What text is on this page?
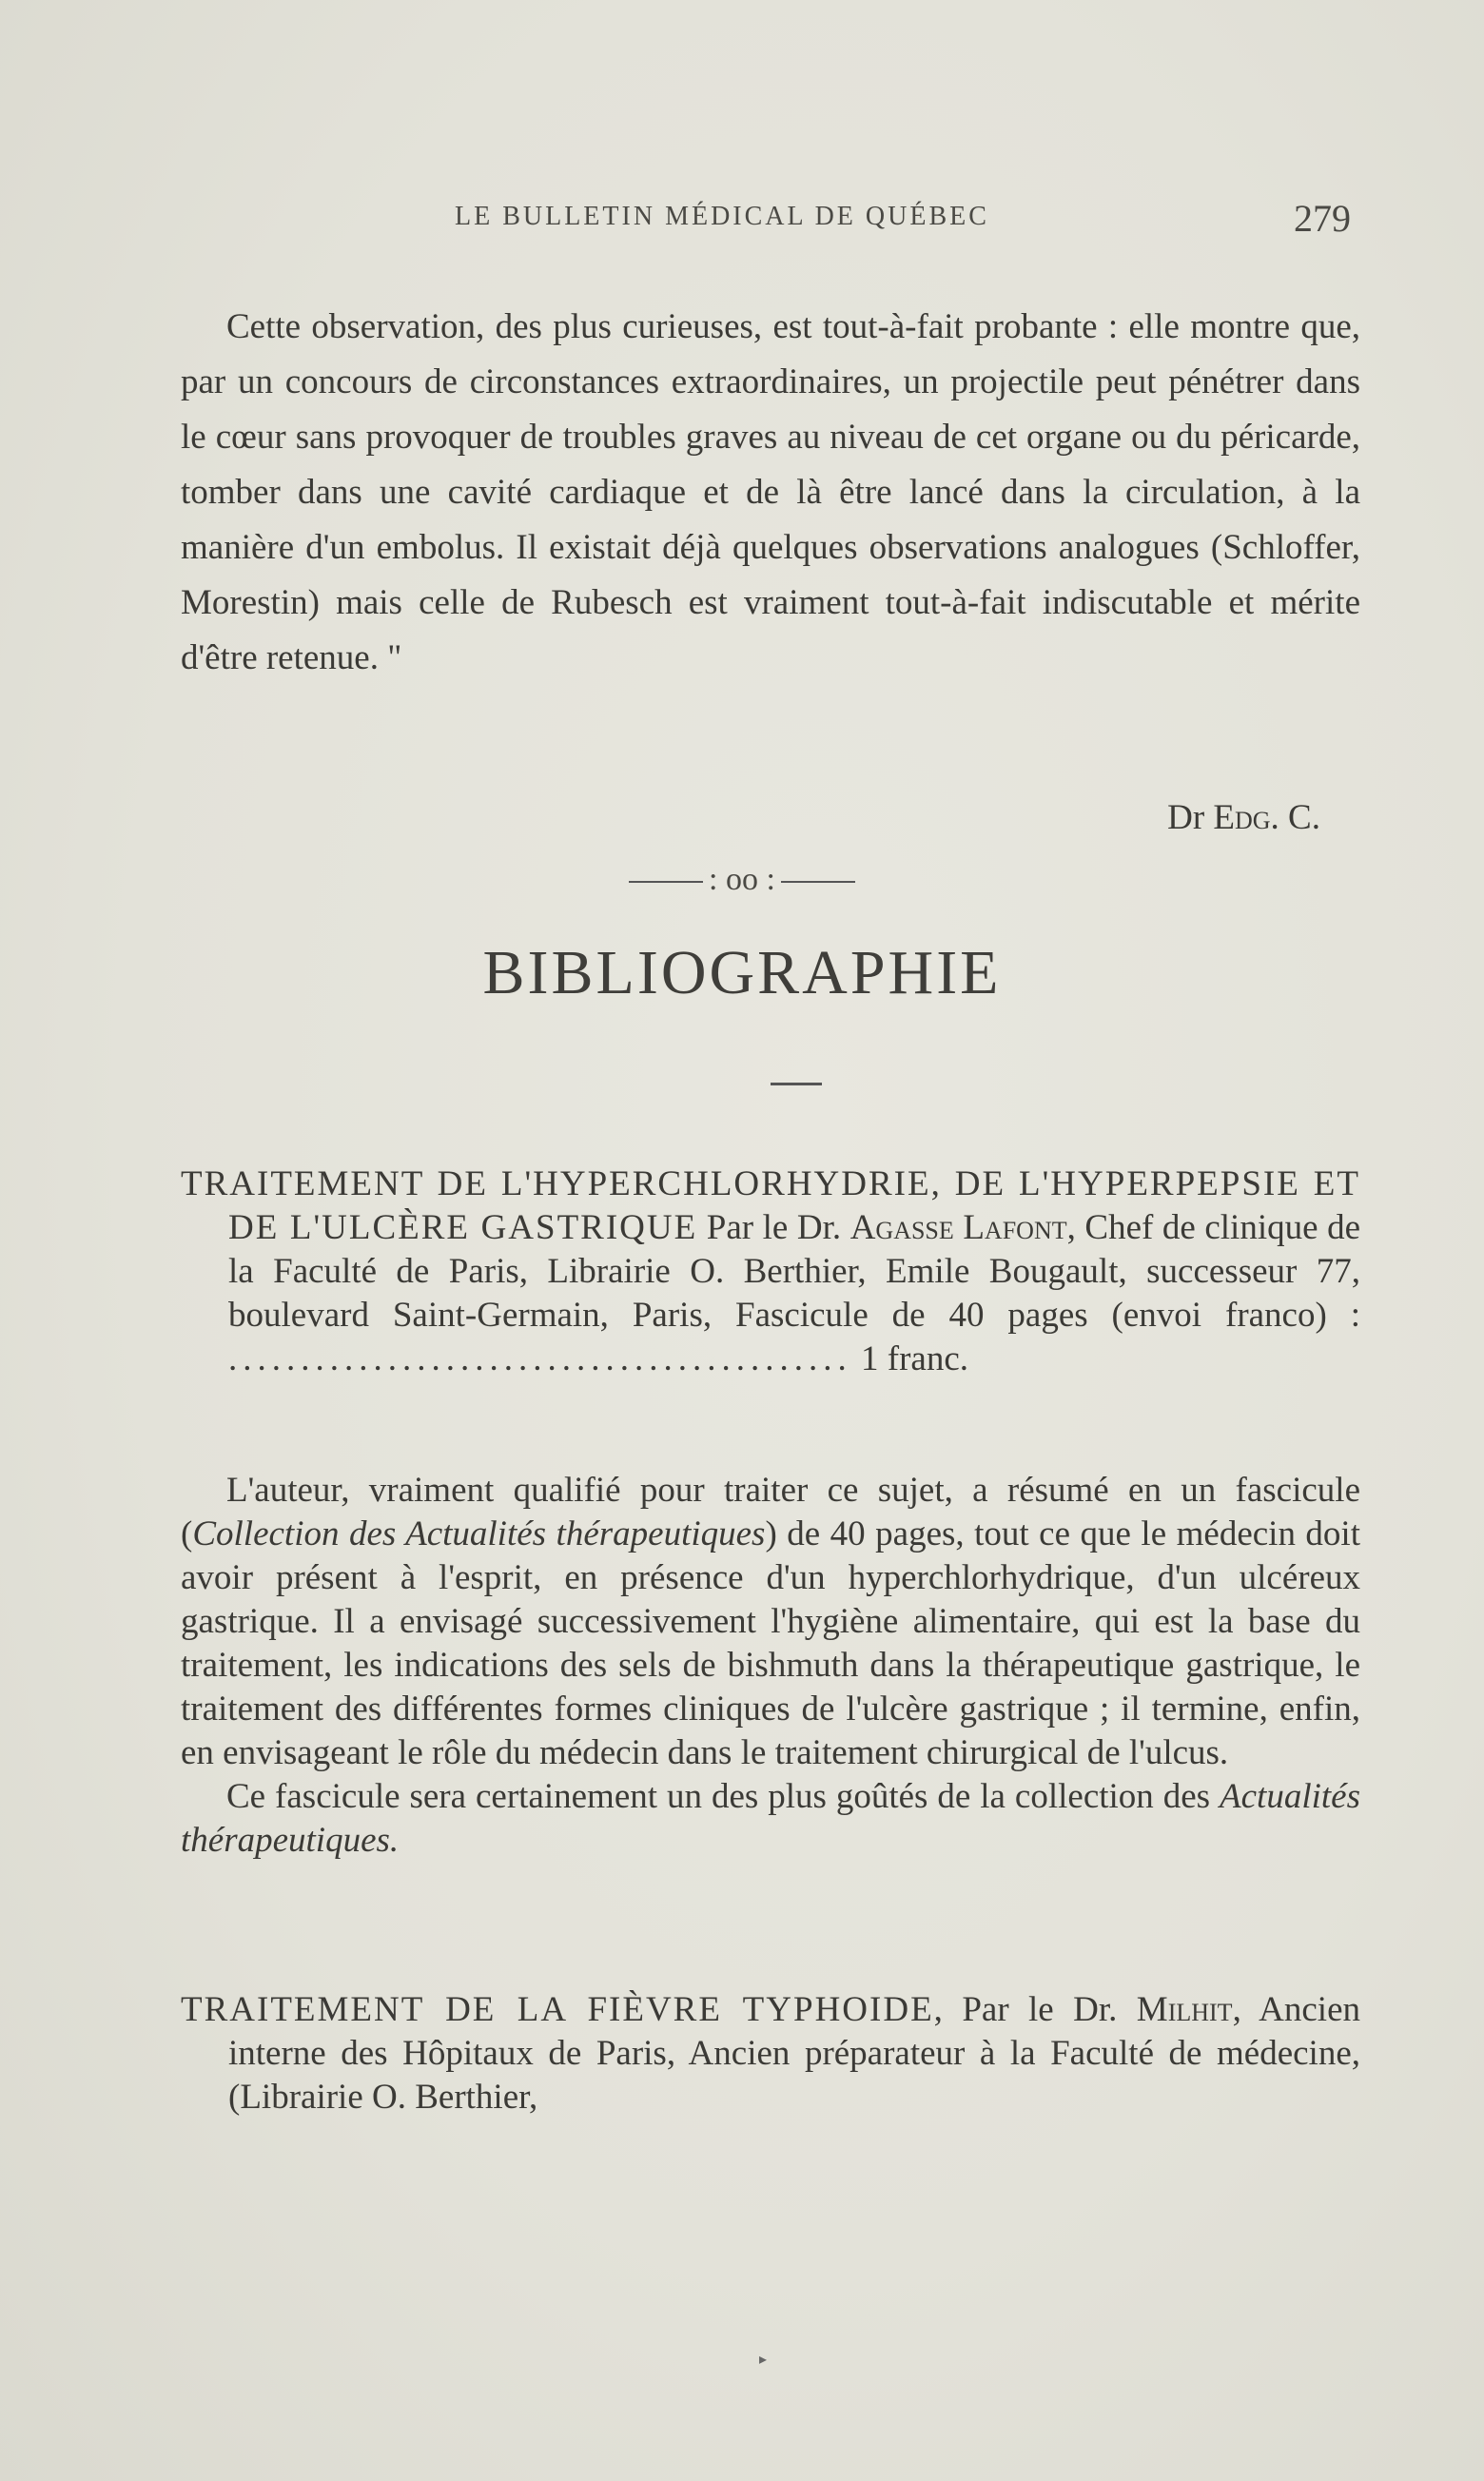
LE BULLETIN MÉDICAL DE QUÉBEC	279

Cette observation, des plus curieuses, est tout-à-fait probante : elle montre que, par un concours de circonstances extraordinaires, un projectile peut pénétrer dans le cœur sans provoquer de troubles graves au niveau de cet organe ou du péricarde, tomber dans une cavité cardiaque et de là être lancé dans la circulation, à la manière d'un embolus. Il existait déjà quelques observations analogues (Schloffer, Morestin) mais celle de Rubesch est vraiment tout-à-fait indiscutable et mérite d'être retenue. "

Dr Edg. C.
: oo :
BIBLIOGRAPHIE
TRAITEMENT DE L'HYPERCHLORHYDRIE, DE L'HYPERPEPSIE ET DE L'ULCÈRE GASTRIQUE Par le Dr. Agasse Lafont, Chef de clinique de la Faculté de Paris, Librairie O. Berthier, Emile Bougault, successeur 77, boulevard Saint-Germain, Paris, Fascicule de 40 pages (envoi franco) : ........................................... 1 franc.

L'auteur, vraiment qualifié pour traiter ce sujet, a résumé en un fascicule (Collection des Actualités thérapeutiques) de 40 pages, tout ce que le médecin doit avoir présent à l'esprit, en présence d'un hyperchlorhydrique, d'un ulcéreux gastrique. Il a envisagé successivement l'hygiène alimentaire, qui est la base du traitement, les indications des sels de bishmuth dans la thérapeutique gastrique, le traitement des différentes formes cliniques de l'ulcère gastrique ; il termine, enfin, en envisageant le rôle du médecin dans le traitement chirurgical de l'ulcus.

Ce fascicule sera certainement un des plus goûtés de la collection des Actualités thérapeutiques.

TRAITEMENT DE LA FIÈVRE TYPHOIDE, Par le Dr. Milhit, Ancien interne des Hôpitaux de Paris, Ancien préparateur à la Faculté de médecine, (Librairie O. Berthier,
▸
